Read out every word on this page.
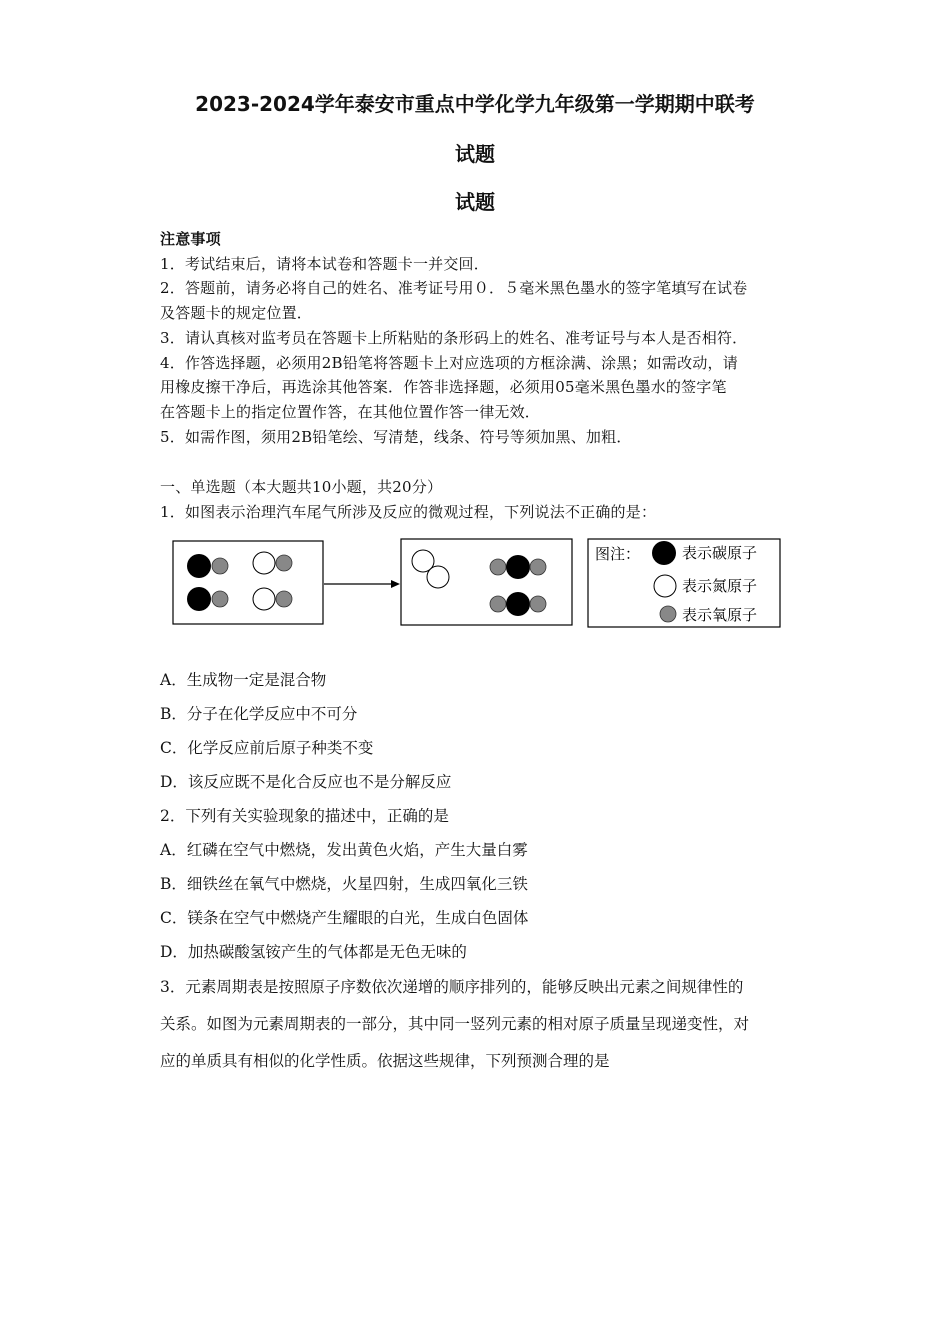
2023-2024学年泰安市重点中学化学九年级第一学期期中联考
试题
试题
注意事项
1．考试结束后，请将本试卷和答题卡一并交回．
2．答题前，请务必将自己的姓名、准考证号用０．５毫米黑色墨水的签字笔填写在试卷
及答题卡的规定位置．
3．请认真核对监考员在答题卡上所粘贴的条形码上的姓名、准考证号与本人是否相符．
4．作答选择题，必须用2B铅笔将答题卡上对应选项的方框涂满、涂黑；如需改动，请
用橡皮擦干净后，再选涂其他答案．作答非选择题，必须用05毫米黑色墨水的签字笔
在答题卡上的指定位置作答，在其他位置作答一律无效．
5．如需作图，须用2B铅笔绘、写清楚，线条、符号等须加黑、加粗．
一、单选题（本大题共10小题，共20分）
1．如图表示治理汽车尾气所涉及反应的微观过程，下列说法不正确的是：
图注：	表示碳原子
表示氮原子
表示氧原子
A．生成物一定是混合物
B．分子在化学反应中不可分
C．化学反应前后原子种类不变
D．该反应既不是化合反应也不是分解反应
2．下列有关实验现象的描述中，正确的是
A．红磷在空气中燃烧，发出黄色火焰，产生大量白雾
B．细铁丝在氧气中燃烧，火星四射，生成四氧化三铁
C．镁条在空气中燃烧产生耀眼的白光，生成白色固体
D．加热碳酸氢铵产生的气体都是无色无味的
3．元素周期表是按照原子序数依次递增的顺序排列的，能够反映出元素之间规律性的
关系。如图为元素周期表的一部分，其中同一竖列元素的相对原子质量呈现递变性，对
应的单质具有相似的化学性质。依据这些规律，下列预测合理的是
